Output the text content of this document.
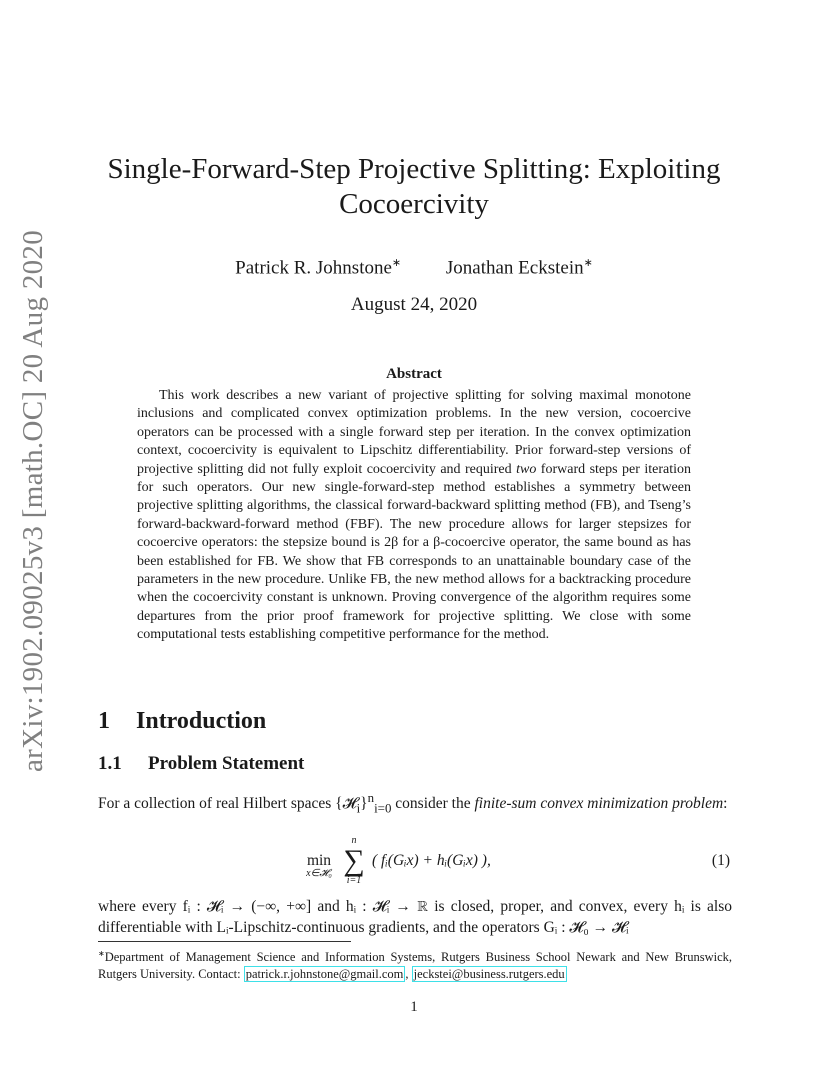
arXiv:1902.09025v3 [math.OC] 20 Aug 2020
Single-Forward-Step Projective Splitting: Exploiting Cocoercivity
Patrick R. Johnstone∗ Jonathan Eckstein∗
August 24, 2020
Abstract

This work describes a new variant of projective splitting for solving maximal monotone inclusions and complicated convex optimization problems. In the new version, cocoercive operators can be processed with a single forward step per iteration. In the convex optimization context, cocoercivity is equivalent to Lipschitz differentiability. Prior forward-step versions of projective splitting did not fully exploit cocoercivity and required two forward steps per iteration for such operators. Our new single-forward-step method establishes a symmetry between projective splitting algorithms, the classical forward-backward splitting method (FB), and Tseng’s forward-backward-forward method (FBF). The new procedure allows for larger stepsizes for cocoercive operators: the stepsize bound is 2β for a β-cocoercive operator, the same bound as has been established for FB. We show that FB corresponds to an unattainable boundary case of the parameters in the new procedure. Unlike FB, the new method allows for a backtracking procedure when the cocoercivity constant is unknown. Proving convergence of the algorithm requires some departures from the prior proof framework for projective splitting. We close with some computational tests establishing competitive performance for the method.

1 Introduction
1.1 Problem Statement

For a collection of real Hilbert spaces {𝓗$_i$}$^n_{i=0}$ consider the finite-sum convex minimization problem:

min
x∈𝓗₀
n
∑
i=1
( fᵢ(Gᵢx) + hᵢ(Gᵢx) ),	(1)

where every fᵢ : 𝓗ᵢ → (−∞, +∞] and hᵢ : 𝓗ᵢ → ℝ is closed, proper, and convex, every hᵢ is also differentiable with Lᵢ-Lipschitz-continuous gradients, and the operators Gᵢ : 𝓗₀ → 𝓗ᵢ

∗Department of Management Science and Information Systems, Rutgers Business School Newark and New Brunswick, Rutgers University. Contact: patrick.r.johnstone@gmail.com , jeckstei@business.rutgers.edu

1
